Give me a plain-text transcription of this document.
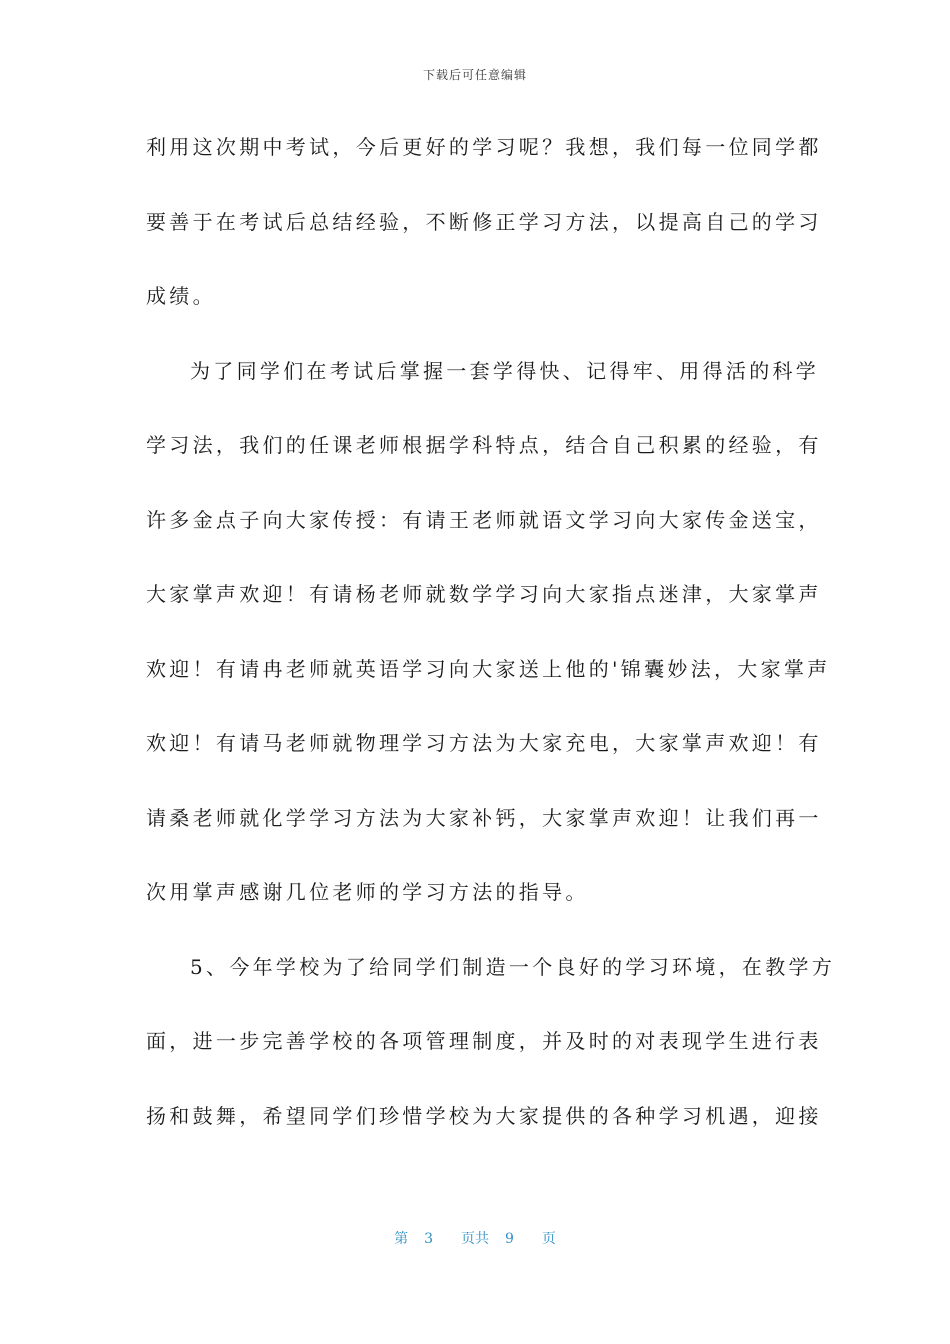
下载后可任意编辑
利用这次期中考试，今后更好的学习呢？我想，我们每一位同学都
要善于在考试后总结经验，不断修正学习方法，以提高自己的学习
成绩。
为了同学们在考试后掌握一套学得快、记得牢、用得活的科学
学习法，我们的任课老师根据学科特点，结合自己积累的经验，有
许多金点子向大家传授：有请王老师就语文学习向大家传金送宝，
大家掌声欢迎！有请杨老师就数学学习向大家指点迷津，大家掌声
欢迎！有请冉老师就英语学习向大家送上他的'锦囊妙法，大家掌声
欢迎！有请马老师就物理学习方法为大家充电，大家掌声欢迎！有
请桑老师就化学学习方法为大家补钙，大家掌声欢迎！让我们再一
次用掌声感谢几位老师的学习方法的指导。
5、今年学校为了给同学们制造一个良好的学习环境，在教学方
面，进一步完善学校的各项管理制度，并及时的对表现学生进行表
扬和鼓舞，希望同学们珍惜学校为大家提供的各种学习机遇，迎接
第 3 页共 9 页
